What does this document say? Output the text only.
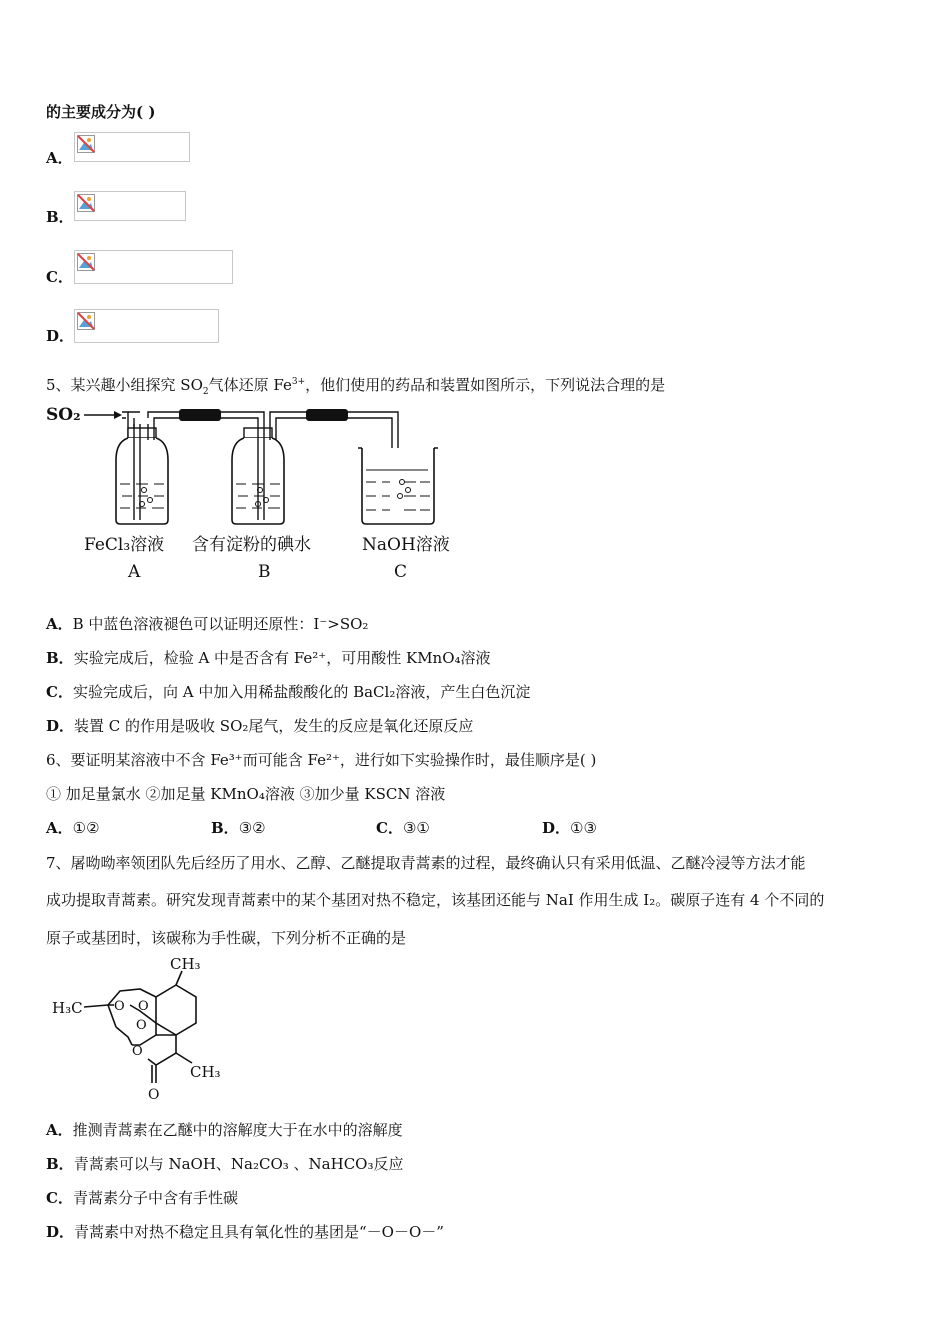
的主要成分为( )
A．
B．
C．
D．
5、某兴趣小组探究 $SO_2$气体还原 $Fe^{3+}$，他们使用的药品和装置如图所示，下列说法合理的是
SO₂
FeCl₃溶液 含有淀粉的碘水	NaOH溶液
A	B	C
A．B 中蓝色溶液褪色可以证明还原性：I⁻>SO₂
B．实验完成后，检验 A 中是否含有 Fe²⁺，可用酸性 KMnO₄溶液
C．实验完成后，向 A 中加入用稀盐酸酸化的 BaCl₂溶液，产生白色沉淀
D．装置 C 的作用是吸收 SO₂尾气，发生的反应是氧化还原反应
6、要证明某溶液中不含 Fe³⁺而可能含 Fe²⁺，进行如下实验操作时，最佳顺序是( )
① 加足量氯水 ②加足量 KMnO₄溶液 ③加少量 KSCN 溶液
A．①②	B．③②	C．③①	D．①③
7、屠呦呦率领团队先后经历了用水、乙醇、乙醚提取青蒿素的过程，最终确认只有采用低温、乙醚冷浸等方法才能
成功提取青蒿素。研究发现青蒿素中的某个基团对热不稳定，该基团还能与 NaI 作用生成 I₂。碳原子连有 4 个不同的
原子或基团时，该碳称为手性碳，下列分析不正确的是
CH₃
H₃C
CH₃
O O
O
O
O
A．推测青蒿素在乙醚中的溶解度大于在水中的溶解度
B．青蒿素可以与 NaOH、Na₂CO₃ 、NaHCO₃反应
C．青蒿素分子中含有手性碳
D．青蒿素中对热不稳定且具有氧化性的基团是“－O－O－”
